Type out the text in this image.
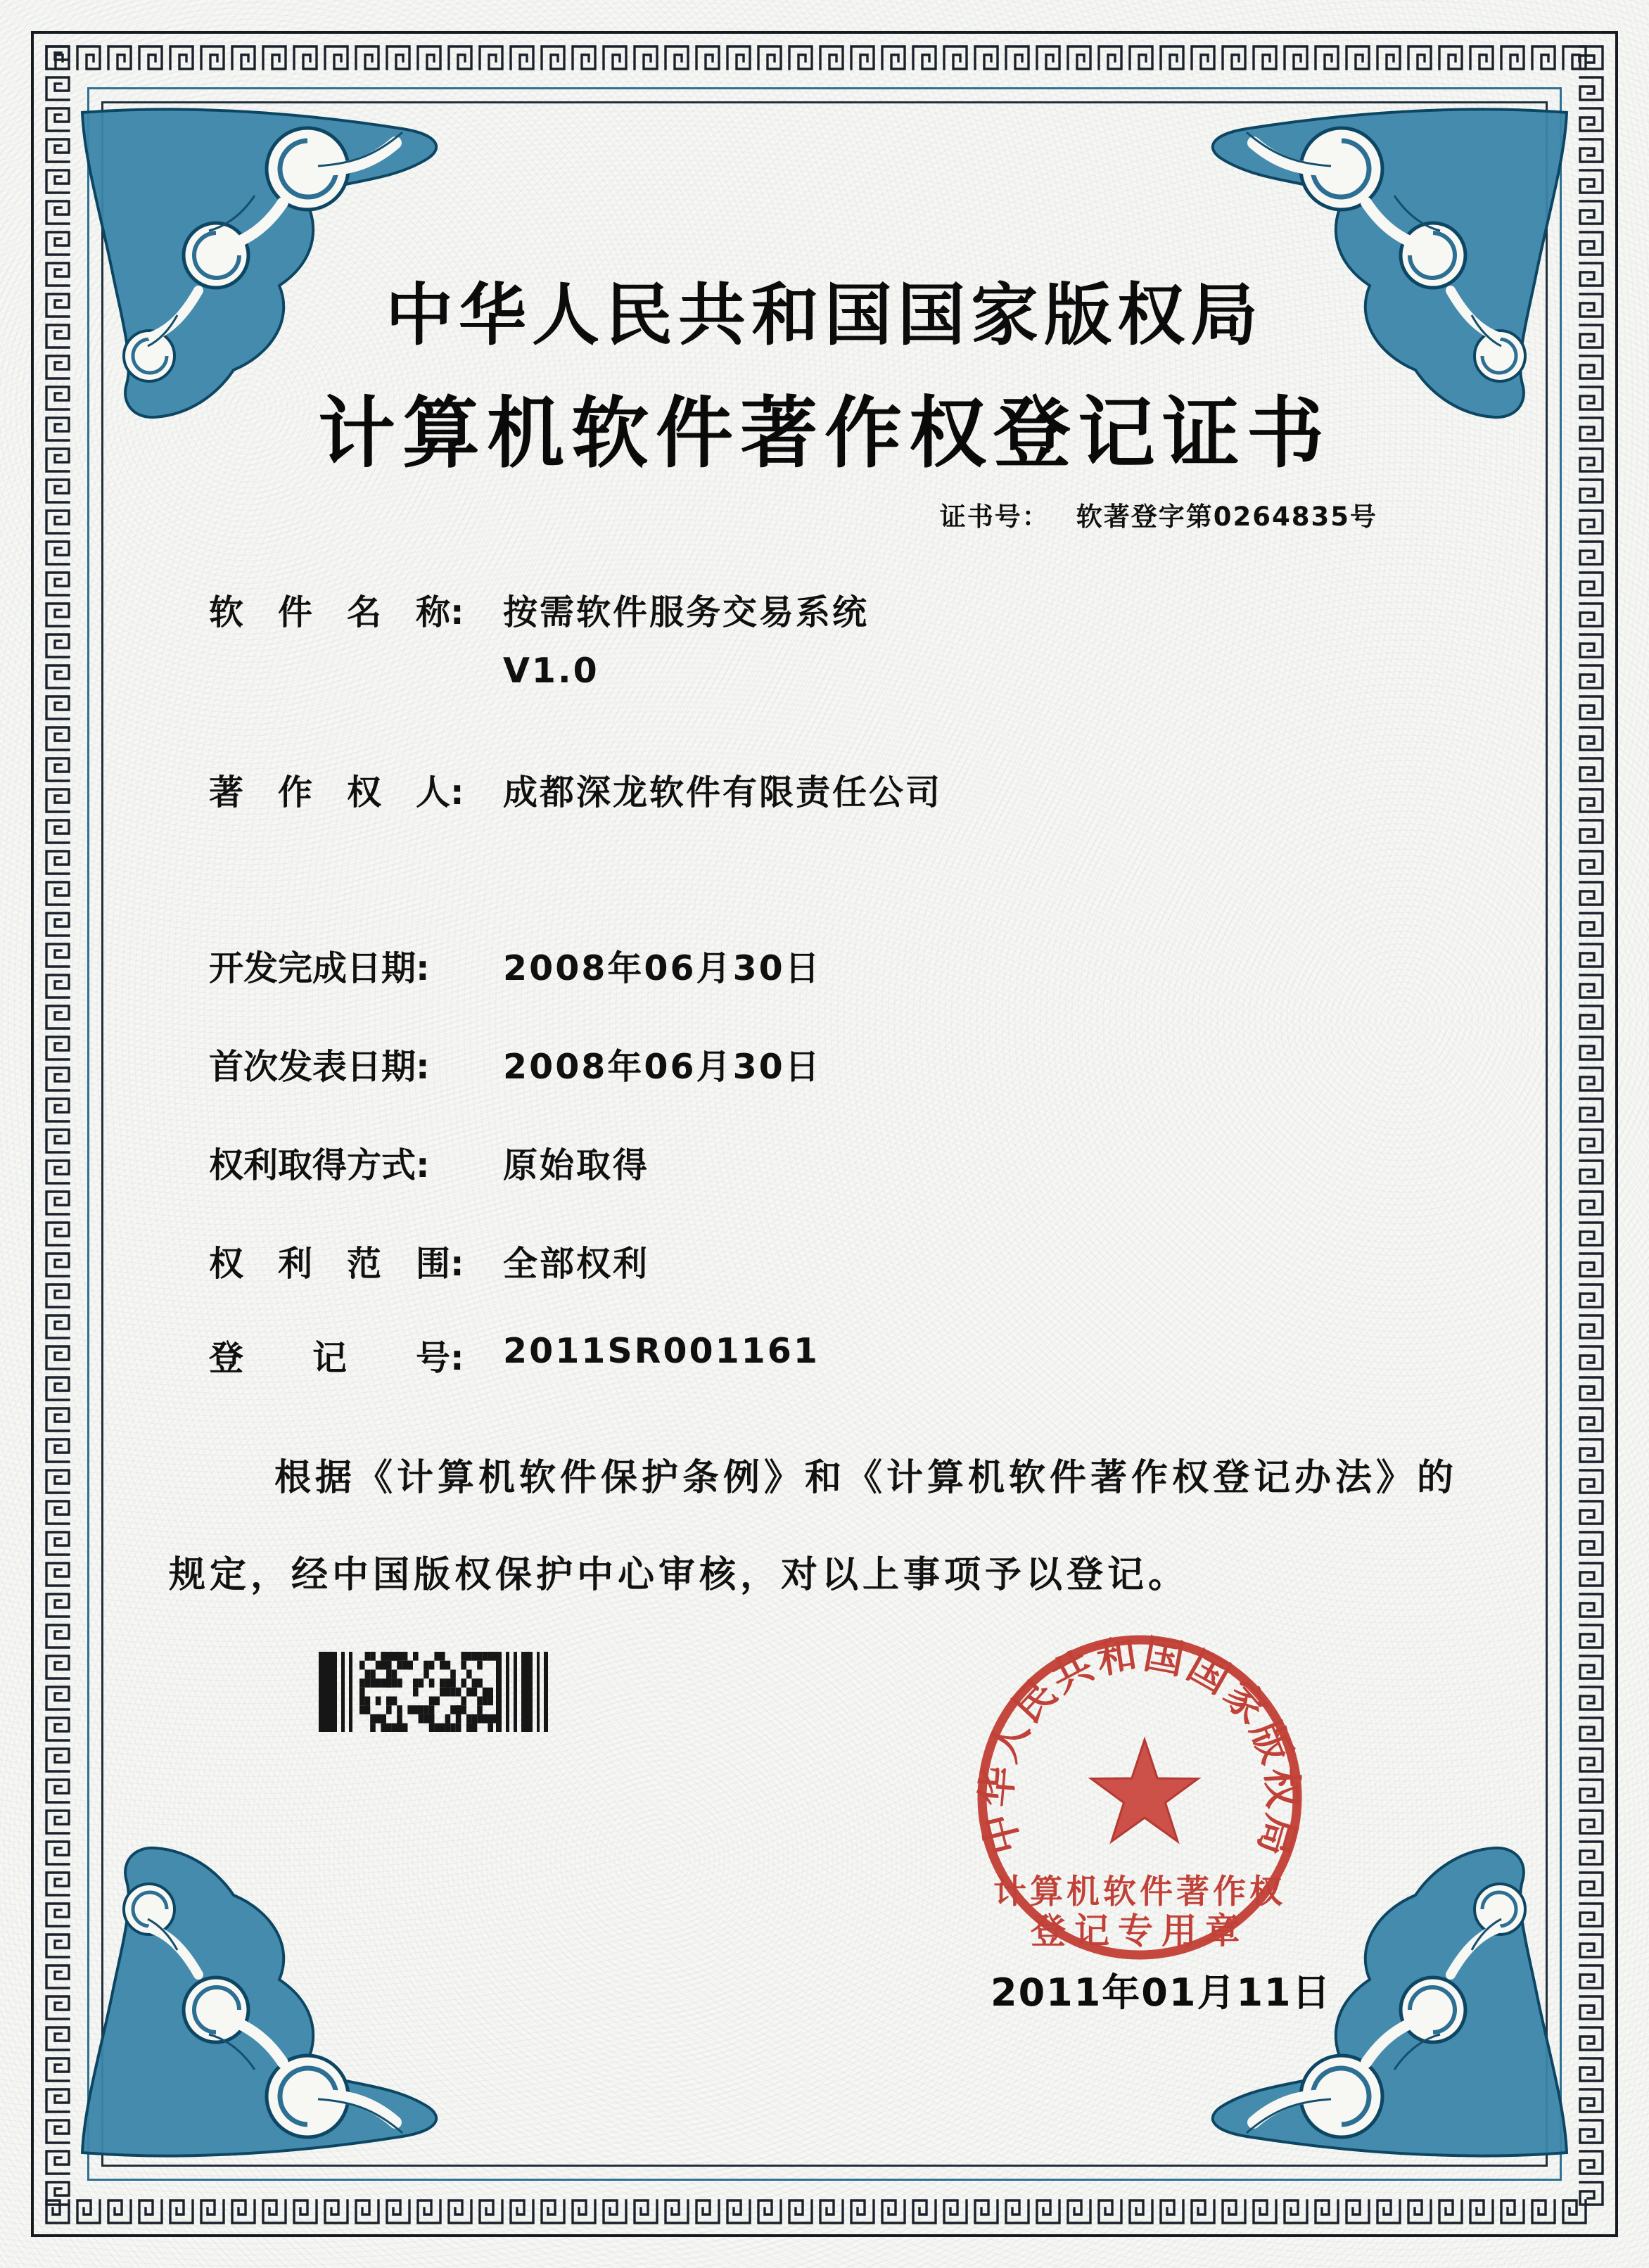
中华人民共和国国家版权局
计算机软件著作权登记证书
证书号： 软著登字第0264835号
软　件　名　称: 按需软件服务交易系统
V1.0
著　作　权　人: 成都深龙软件有限责任公司
开发完成日期: 2008年06月30日
首次发表日期: 2008年06月30日
权利取得方式: 原始取得
权　利　范　围: 全部权利
登　　记　　号: 2011SR001161
根据《计算机软件保护条例》和《计算机软件著作权登记办法》的
规定，经中国版权保护中心审核，对以上事项予以登记。
中华人民共和国国家版权局
计算机软件著作权
登记专用章
2011年01月11日
